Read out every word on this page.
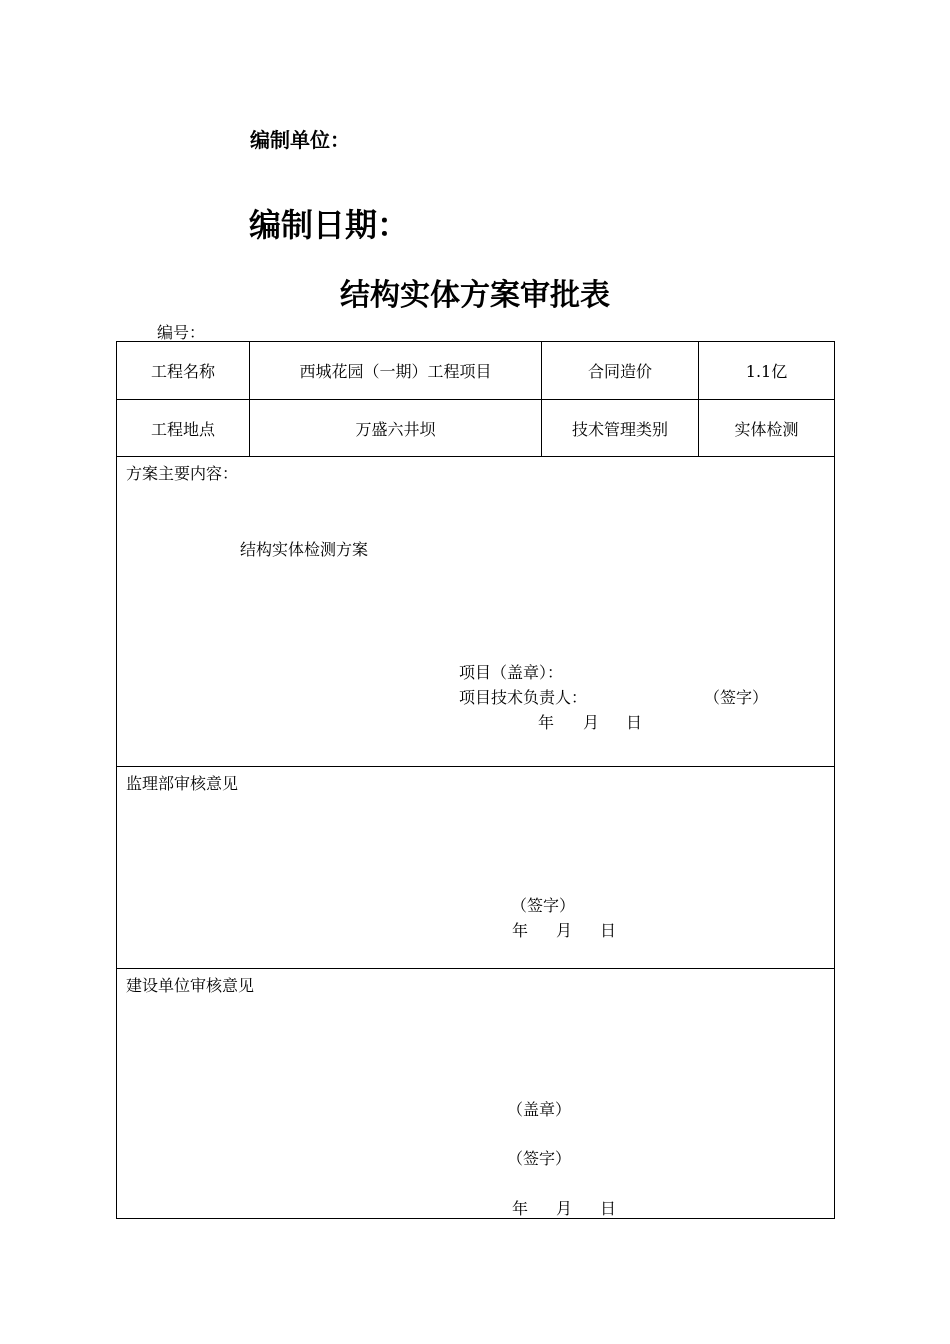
编制单位：
编制日期：
结构实体方案审批表
编号：
工程名称	西城花园（一期）工程项目	合同造价	1.1亿
工程地点	万盛六井坝	技术管理类别	实体检测
方案主要内容：
结构实体检测方案
项目（盖章）：
项目技术负责人：	（签字）
年 月 日
监理部审核意见
（签字）
年 月 日
建设单位审核意见
（盖章）
（签字）
年 月 日
